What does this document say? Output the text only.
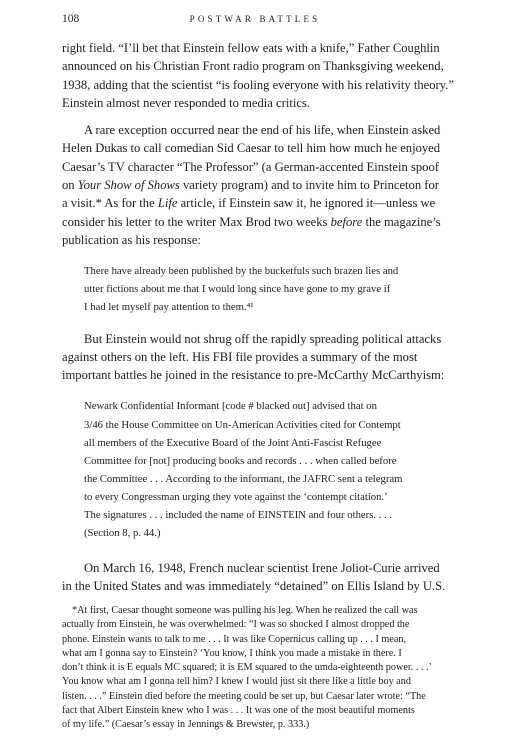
108	POSTWAR BATTLES
right field. “I’ll bet that Einstein fellow eats with a knife,” Father Coughlin
announced on his Christian Front radio program on Thanksgiving weekend,
1938, adding that the scientist “is fooling everyone with his relativity theory.”
Einstein almost never responded to media critics.
A rare exception occurred near the end of his life, when Einstein asked
Helen Dukas to call comedian Sid Caesar to tell him how much he enjoyed
Caesar’s TV character “The Professor” (a German-accented Einstein spoof
on Your Show of Shows variety program) and to invite him to Princeton for
a visit.* As for the Life article, if Einstein saw it, he ignored it—unless we
consider his letter to the writer Max Brod two weeks before the magazine’s
publication as his response:
There have already been published by the bucketfuls such brazen lies and
utter fictions about me that I would long since have gone to my grave if
I had let myself pay attention to them.⁴¹
But Einstein would not shrug off the rapidly spreading political attacks
against others on the left. His FBI file provides a summary of the most
important battles he joined in the resistance to pre-McCarthy McCarthyism:
Newark Confidential Informant [code # blacked out] advised that on
3/46 the House Committee on Un-American Activities cited for Contempt
all members of the Executive Board of the Joint Anti-Fascist Refugee
Committee for [not] producing books and records . . . when called before
the Committee . . . According to the informant, the JAFRC sent a telegram
to every Congressman urging they vote against the ‘contempt citation.’
The signatures . . . included the name of EINSTEIN and four others. . . .
(Section 8, p. 44.)
On March 16, 1948, French nuclear scientist Irene Joliot-Curie arrived
in the United States and was immediately “detained” on Ellis Island by U.S.
*At first, Caesar thought someone was pulling his leg. When he realized the call was
actually from Einstein, he was overwhelmed: “I was so shocked I almost dropped the
phone. Einstein wants to talk to me . . . It was like Copernicus calling up . . . I mean,
what am I gonna say to Einstein? ‘You know, I think you made a mistake in there. I
don’t think it is E equals MC squared; it is EM squared to the umda-eighteenth power. . . .’
You know what am I gonna tell him? I knew I would just sit there like a little boy and
listen. . . .” Einstein died before the meeting could be set up, but Caesar later wrote: “The
fact that Albert Einstein knew who I was . . . It was one of the most beautiful moments
of my life.” (Caesar’s essay in Jennings & Brewster, p. 333.)
